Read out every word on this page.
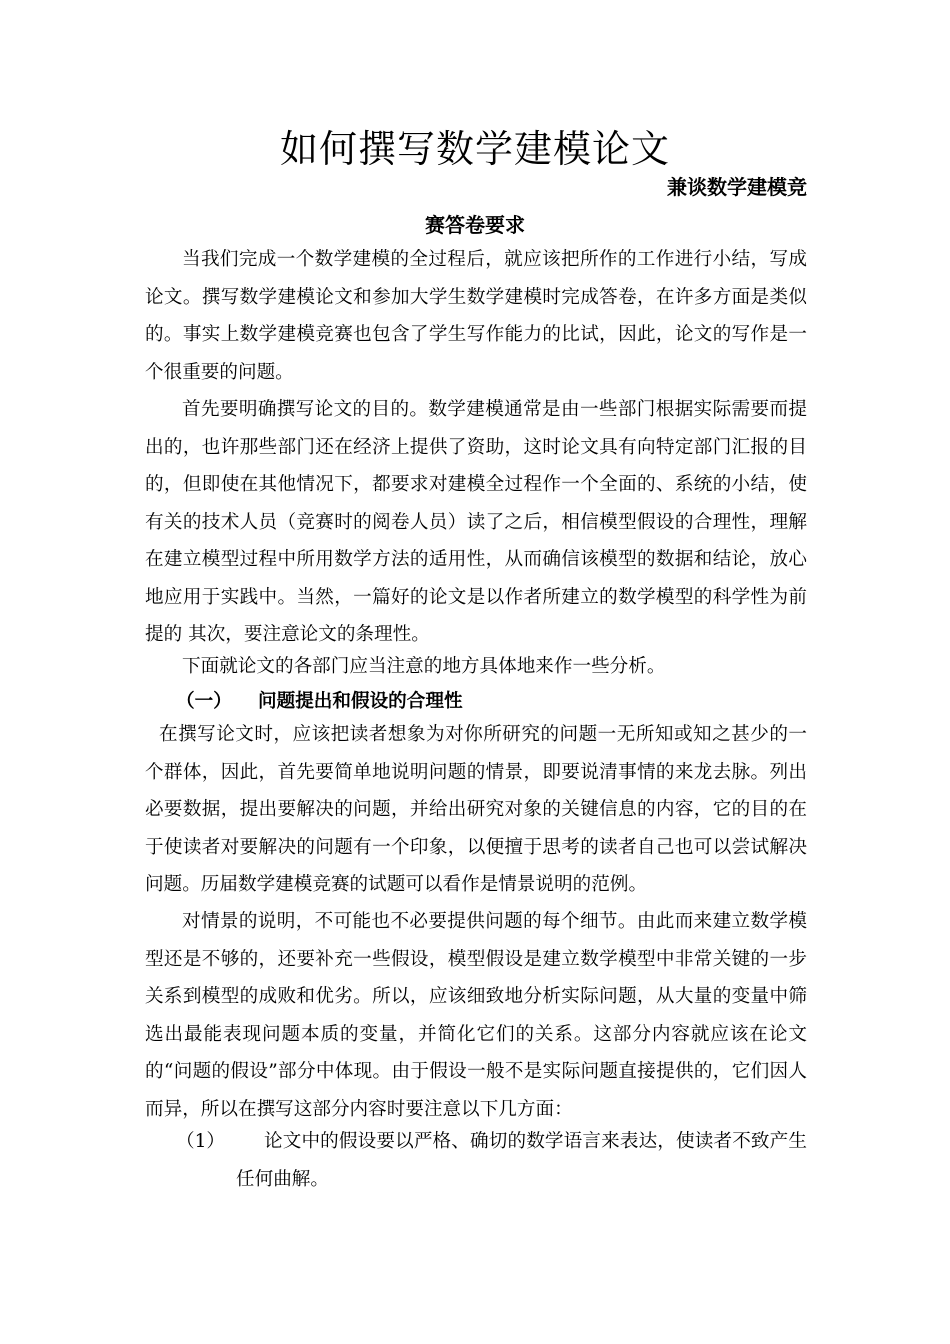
如何撰写数学建模论文
兼谈数学建模竞
赛答卷要求

当我们完成一个数学建模的全过程后，就应该把所作的工作进行小结，写成论文。撰写数学建模论文和参加大学生数学建模时完成答卷，在许多方面是类似的。事实上数学建模竞赛也包含了学生写作能力的比试，因此，论文的写作是一个很重要的问题。

首先要明确撰写论文的目的。数学建模通常是由一些部门根据实际需要而提出的，也许那些部门还在经济上提供了资助，这时论文具有向特定部门汇报的目的，但即使在其他情况下，都要求对建模全过程作一个全面的、系统的小结，使有关的技术人员（竞赛时的阅卷人员）读了之后，相信模型假设的合理性，理解在建立模型过程中所用数学方法的适用性，从而确信该模型的数据和结论，放心地应用于实践中。当然，一篇好的论文是以作者所建立的数学模型的科学性为前提的 其次，要注意论文的条理性。

下面就论文的各部门应当注意的地方具体地来作一些分析。

（一） 问题提出和假设的合理性

在撰写论文时，应该把读者想象为对你所研究的问题一无所知或知之甚少的一个群体，因此，首先要简单地说明问题的情景，即要说清事情的来龙去脉。列出必要数据，提出要解决的问题，并给出研究对象的关键信息的内容，它的目的在于使读者对要解决的问题有一个印象，以便擅于思考的读者自己也可以尝试解决问题。历届数学建模竞赛的试题可以看作是情景说明的范例。

对情景的说明，不可能也不必要提供问题的每个细节。由此而来建立数学模型还是不够的，还要补充一些假设，模型假设是建立数学模型中非常关键的一步关系到模型的成败和优劣。所以，应该细致地分析实际问题，从大量的变量中筛选出最能表现问题本质的变量，并简化它们的关系。这部分内容就应该在论文的“问题的假设”部分中体现。由于假设一般不是实际问题直接提供的，它们因人而异，所以在撰写这部分内容时要注意以下几方面：

（1）	论文中的假设要以严格、确切的数学语言来表达，使读者不致产生任何曲解。
